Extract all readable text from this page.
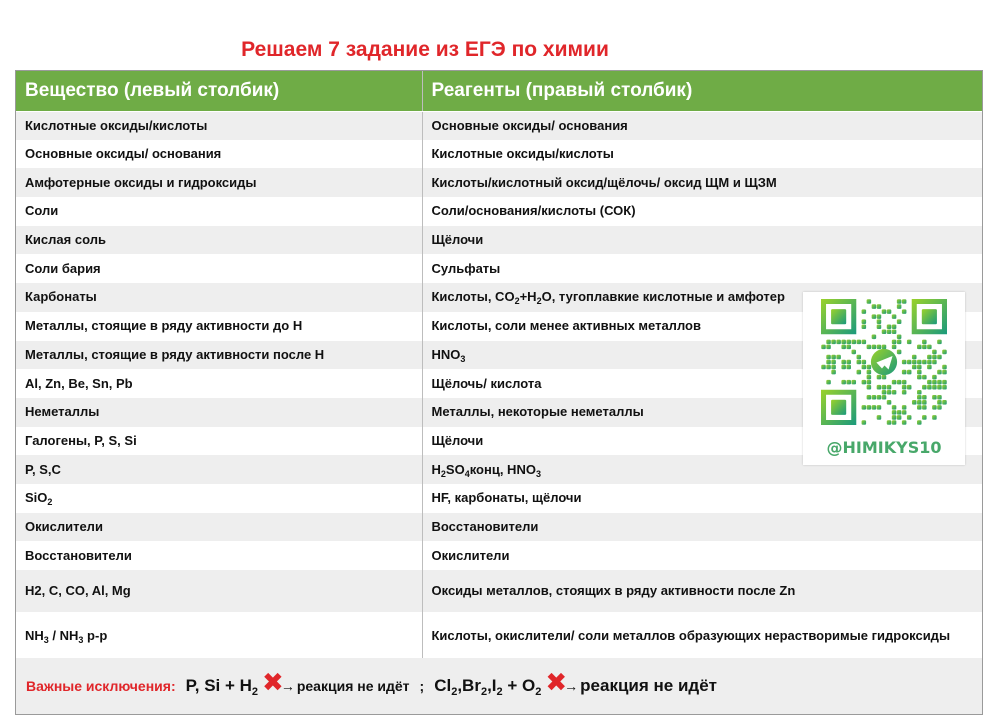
Решаем 7 задание из ЕГЭ по химии
Вещество (левый столбик)	Реагенты (правый столбик)
Кислотные оксиды/кислоты	Основные оксиды/ основания
Основные оксиды/ основания	Кислотные оксиды/кислоты
Амфотерные оксиды и гидроксиды	Кислоты/кислотный оксид/щёлочь/ оксид ЩМ и ЩЗМ
Соли	Соли/основания/кислоты (СОК)
Кислая соль	Щёлочи
Соли бария	Сульфаты
Карбонаты	Кислоты, $CO_2+H_2O$, тугоплавкие кислотные и амфотер
Металлы, стоящие в ряду активности до H	Кислоты, соли менее активных металлов
Металлы, стоящие в ряду активности после H	$HNO_3$
Al, Zn, Be, Sn, Pb	Щёлочь/ кислота
Неметаллы	Металлы, некоторые неметаллы
Галогены, P, S, Si	Щёлочи
P, S,C	$H_2SO_4конц$, $HNO_3$
SiO$_2$	HF, карбонаты, щёлочи
Окислители	Восстановители
Восстановители	Окислители
H2, C, CO, Al, Mg	Оксиды металлов, стоящих в ряду активности после Zn
$NH_3 / NH_3$ р-р	Кислоты, окислители/ соли металлов образующих нерастворимые гидроксиды
Важные исключения: P, $Si + H_2$ ✖
→ реакция не идёт ; $Cl_2,Br_2,I_2 + O_2$ ✖
→ реакция не идёт
@HIMIKYS10
